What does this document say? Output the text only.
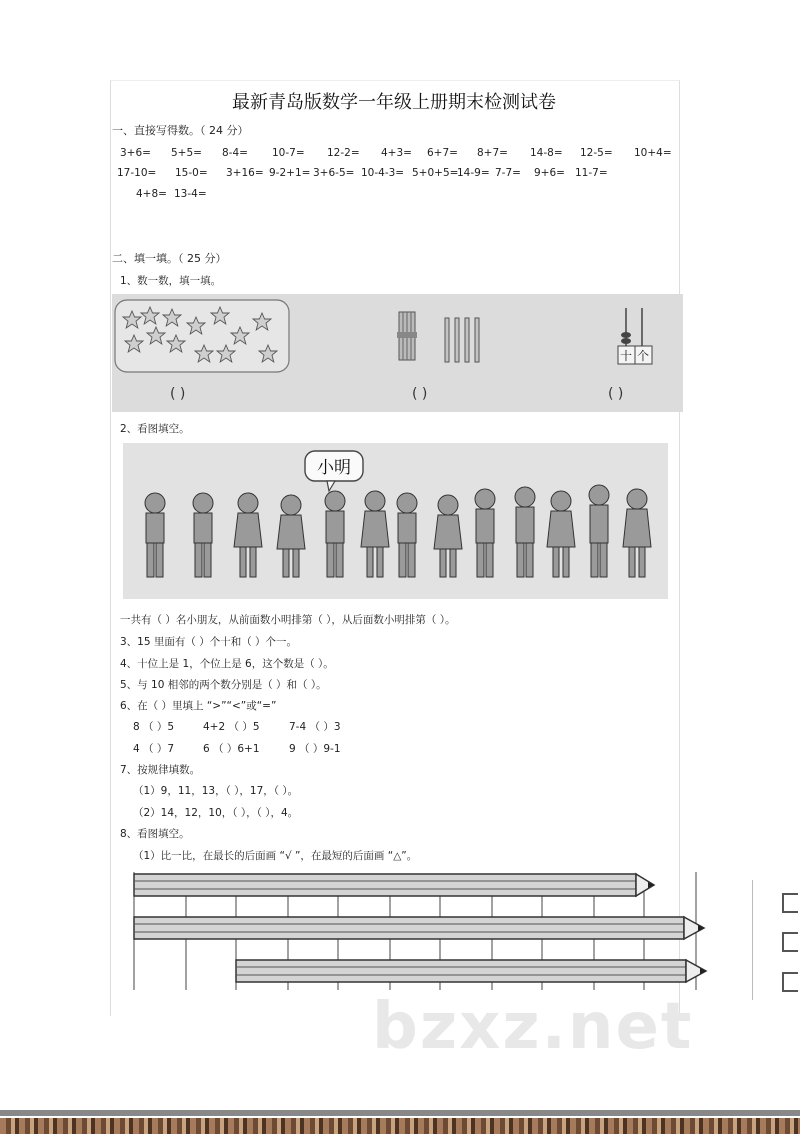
最新青岛版数学一年级上册期末检测试卷
一、直接写得数。（ 24 分）
3+6= 5+5= 8-4= 10-7= 12-2= 4+3= 6+7= 8+7= 14-8= 12-5= 10+4=
17-10= 15-0= 3+16= 9-2+1= 3+6-5= 10-4-3= 5+0+5=
14-9= 7-7= 9+6= 11-7=
4+8= 13-4=
二、填一填。（ 25 分）
1、数一数，填一填。
十 个
( )	( )	( )
2、看图填空。
小明
一共有（ ）名小朋友，从前面数小明排第（ ），从后面数小明排第（ ）。
3、15 里面有（ ）个十和（ ）个一。
4、十位上是 1，个位上是 6，这个数是（ ）。
5、与 10 相邻的两个数分别是（ ）和（ ）。
6、在（ ）里填上 “>”“<”或“=”
8 （ ）5	4+2 （ ）5	7-4 （ ）3
4 （ ）7	6 （ ）6+1	9 （ ）9-1
7、按规律填数。
（1）9，11，13，（ ），17，（ ）。
（2）14，12，10，（ ），（ ），4。
8、看图填空。
（1）比一比，在最长的后面画 “√ ”，在最短的后面画 “△”。
bzxz.net
